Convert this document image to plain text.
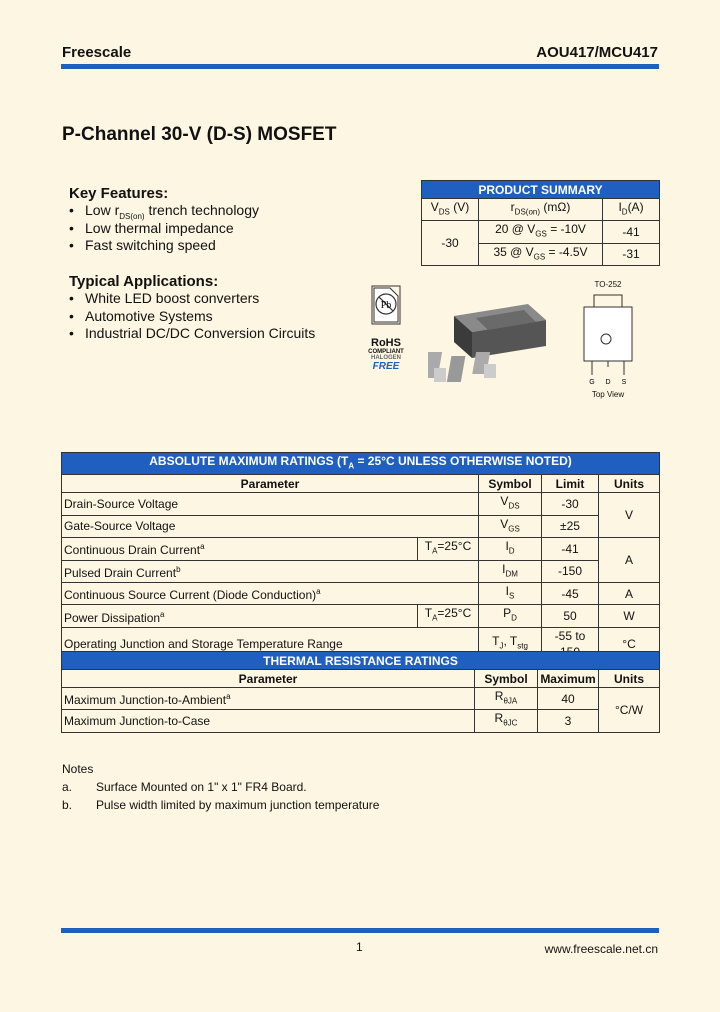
Freescale	AOU417/MCU417
P-Channel 30-V (D-S) MOSFET
Key Features:
• Low $r_{DS(on)}$ trench technology
• Low thermal impedance
• Fast switching speed
Typical Applications:
• White LED boost converters
• Automotive Systems
• Industrial DC/DC Conversion Circuits
PRODUCT SUMMARY		
$V_{DS}$ (V)	$r_{DS(on)}$ (mΩ)	$I_D(A)$
-30	20 @ $V_{GS} = -10V$	-41
	35 @ $V_{GS} = -4.5V$	-31
Pb
RoHS
COMPLIANT
HALOGEN
FREE
TO-252
G D S
Top View
ABSOLUTE MAXIMUM RATINGS ($T_A = 25^\circ C$ UNLESS OTHERWISE NOTED)				
Parameter		Symbol	Limit	Units
Drain-Source Voltage		$V_{DS}$	-30	V
Gate-Source Voltage		$V_{GS}$	±25	
Continuous Drain Current$^a$	$T_A=25^\circ C$	$I_D$	-41	A
Pulsed Drain Current$^b$		$I_{DM}$	-150	
Continuous Source Current (Diode Conduction)$^a$		$I_S$	-45	A
Power Dissipation$^a$	$T_A=25^\circ C$	$P_D$	50	W
Operating Junction and Storage Temperature Range		$T_J$, $T_{stg}$	-55 to	°C
THERMAL RESISTANCE RATINGS			
Parameter	Symbol	Maximum	Units
Maximum Junction-to-Ambient$^a$	$R_{\theta JA}$	40	°C/W
Maximum Junction-to-Case	$R_{\theta JC}$	3	
Notes
a. Surface Mounted on 1" x 1" FR4 Board.
b. Pulse width limited by maximum junction temperature
1	www.freescale.net.cn
